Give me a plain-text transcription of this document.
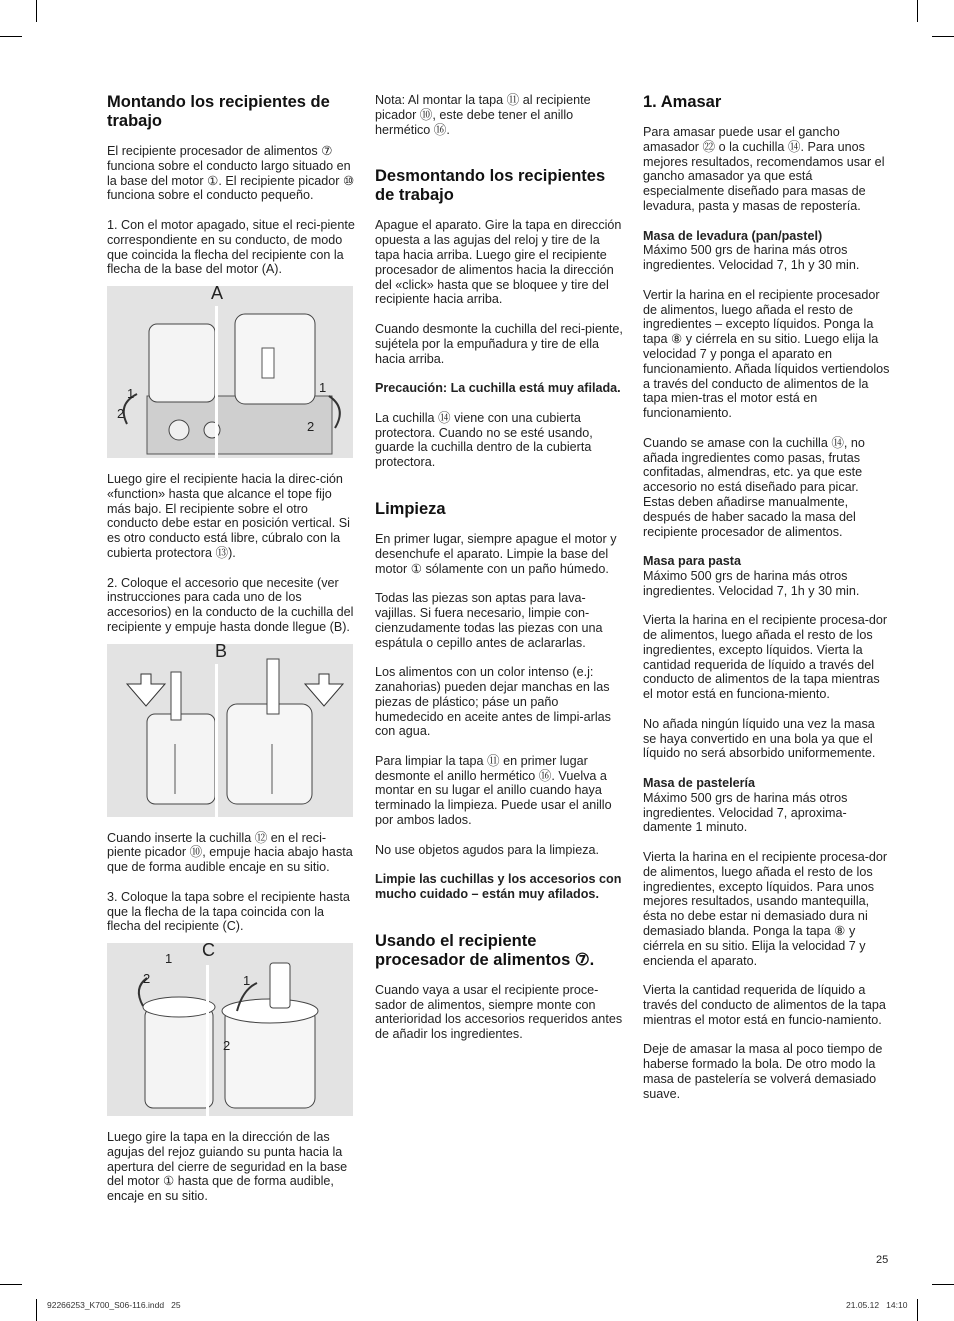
Montando los recipientes de trabajo

El recipiente procesador de alimentos ⑦ funciona sobre el conducto largo situado en la base del motor ①. El recipiente picador ⑩ funciona sobre el conducto pequeño.

1. Con el motor apagado, situe el reci-piente correspondiente en su conducto, de modo que coincida la flecha del recipiente con la flecha de la base del motor (A).

1
2
1
2
A

Luego gire el recipiente hacia la direc-ción «function» hasta que alcance el tope fijo más bajo. El recipiente sobre el otro conducto debe estar en posición vertical. Si es otro conducto está libre, cúbralo con la cubierta protectora ⑬).

2. Coloque el accesorio que necesite (ver instrucciones para cada uno de los accesorios) en la conducto de la cuchilla del recipiente y empuje hasta donde llegue (B).

B

Cuando inserte la cuchilla ⑫ en el reci-piente picador ⑩, empuje hacia abajo hasta que de forma audible encaje en su sitio.

3. Coloque la tapa sobre el recipiente hasta que la flecha de la tapa coincida con la flecha del recipiente (C).

1
2	1
2
C

Luego gire la tapa en la dirección de las agujas del rejoz guiando su punta hacia la apertura del cierre de seguridad en la base del motor ① hasta que de forma audible, encaje en su sitio.

Nota: Al montar la tapa ⑪ al recipiente picador ⑩, este debe tener el anillo hermético ⑯.

Desmontando los recipientes de trabajo

Apague el aparato. Gire la tapa en dirección opuesta a las agujas del reloj y tire de la tapa hacia arriba. Luego gire el recipiente procesador de alimentos hacia la dirección del «click» hasta que se bloquee y tire del recipiente hacia arriba.

Cuando desmonte la cuchilla del reci-piente, sujétela por la empuñadura y tire de ella hacia arriba.

Precaución: La cuchilla está muy afilada.

La cuchilla ⑭ viene con una cubierta protectora. Cuando no se esté usando, guarde la cuchilla dentro de la cubierta protectora.

Limpieza

En primer lugar, siempre apague el motor y desenchufe el aparato. Limpie la base del motor ① sólamente con un paño húmedo.

Todas las piezas son aptas para lava-vajillas. Si fuera necesario, limpie con-cienzudamente todas las piezas con una espátula o cepillo antes de aclararlas.

Los alimentos con un color intenso (e.j: zanahorias) pueden dejar manchas en las piezas de plástico; páse un paño humedecido en aceite antes de limpi-arlas con agua.

Para limpiar la tapa ⑪ en primer lugar desmonte el anillo hermético ⑯. Vuelva a montar en su lugar el anillo cuando haya terminado la limpieza. Puede usar el anillo por ambos lados.

No use objetos agudos para la limpieza.

Limpie las cuchillas y los accesorios con mucho cuidado – están muy afilados.

Usando el recipiente procesador de alimentos ⑦.

Cuando vaya a usar el recipiente proce-sador de alimentos, siempre monte con anterioridad los accesorios requeridos antes de añadir los ingredientes.

1. Amasar

Para amasar puede usar el gancho amasador ㉒ o la cuchilla ⑭. Para unos mejores resultados, recomendamos usar el gancho amasador ya que está especialmente diseñado para masas de levadura, pasta y masas de repostería.

Masa de levadura (pan/pastel)
Máximo 500 grs de harina más otros ingredientes. Velocidad 7, 1h y 30 min.

Vertir la harina en el recipiente procesador de alimentos, luego añada el resto de ingredientes – excepto líquidos. Ponga la tapa ⑧ y ciérrela en su sitio. Luego elija la velocidad 7 y ponga el aparato en funcionamiento. Añada líquidos vertiendolos a través del conducto de alimentos de la tapa mien-tras el motor está en funcionamiento.

Cuando se amase con la cuchilla ⑭, no añada ingredientes como pasas, frutas confitadas, almendras, etc. ya que este accesorio no está diseñado para picar. Estas deben añadirse manualmente, después de haber sacado la masa del recipiente procesador de alimentos.

Masa para pasta
Máximo 500 grs de harina más otros ingredientes. Velocidad 7, 1h y 30 min.

Vierta la harina en el recipiente procesa-dor de alimentos, luego añada el resto de los ingredientes, excepto líquidos. Vierta la cantidad requerida de líquido a través del conducto de alimentos de la tapa mientras el motor está en funciona-miento.

No añada ningún líquido una vez la masa se haya convertido en una bola ya que el líquido no será absorbido uniformemente.

Masa de pastelería
Máximo 500 grs de harina más otros ingredientes. Velocidad 7, aproxima-damente 1 minuto.

Vierta la harina en el recipiente procesa-dor de alimentos, luego añada el resto de los ingredientes, excepto líquidos. Para unos mejores resultados, usando mantequilla, ésta no debe estar ni demasiado dura ni demasiado blanda. Ponga la tapa ⑧ y ciérrela en su sitio. Elija la velocidad 7 y encienda el aparato.

Vierta la cantidad requerida de líquido a través del conducto de alimentos de la tapa mientras el motor está en funcio-namiento.

Deje de amasar la masa al poco tiempo de haberse formado la bola. De otro modo la masa de pastelería se volverá demasiado suave.

25
92266253_K700_S06-116.indd   25	21.05.12   14:10
